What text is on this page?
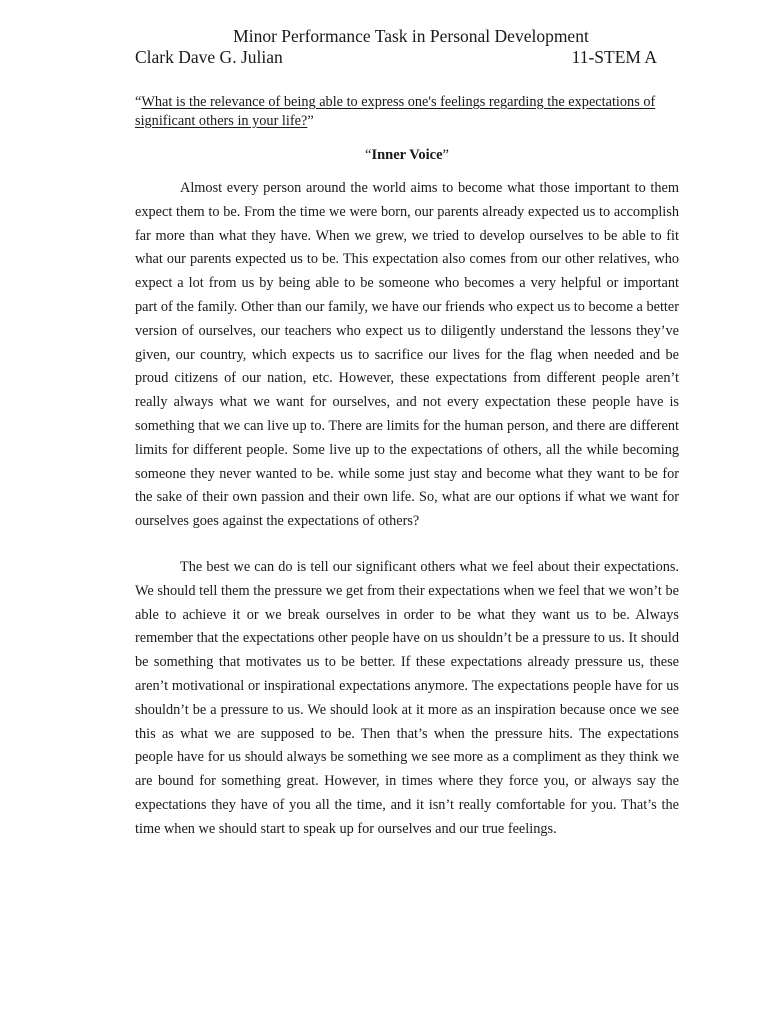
Minor Performance Task in Personal Development
Clark Dave G. Julian	11-STEM A
“What is the relevance of being able to express one's feelings regarding the expectations of significant others in your life?”
“Inner Voice”

Almost every person around the world aims to become what those important to them expect them to be. From the time we were born, our parents already expected us to accomplish far more than what they have. When we grew, we tried to develop ourselves to be able to fit what our parents expected us to be. This expectation also comes from our other relatives, who expect a lot from us by being able to be someone who becomes a very helpful or important part of the family. Other than our family, we have our friends who expect us to become a better version of ourselves, our teachers who expect us to diligently understand the lessons they’ve given, our country, which expects us to sacrifice our lives for the flag when needed and be proud citizens of our nation, etc. However, these expectations from different people aren’t really always what we want for ourselves, and not every expectation these people have is something that we can live up to. There are limits for the human person, and there are different limits for different people. Some live up to the expectations of others, all the while becoming someone they never wanted to be. while some just stay and become what they want to be for the sake of their own passion and their own life. So, what are our options if what we want for ourselves goes against the expectations of others?

The best we can do is tell our significant others what we feel about their expectations. We should tell them the pressure we get from their expectations when we feel that we won’t be able to achieve it or we break ourselves in order to be what they want us to be. Always remember that the expectations other people have on us shouldn’t be a pressure to us. It should be something that motivates us to be better. If these expectations already pressure us, these aren’t motivational or inspirational expectations anymore. The expectations people have for us shouldn’t be a pressure to us. We should look at it more as an inspiration because once we see this as what we are supposed to be. Then that’s when the pressure hits. The expectations people have for us should always be something we see more as a compliment as they think we are bound for something great. However, in times where they force you, or always say the expectations they have of you all the time, and it isn’t really comfortable for you. That’s the time when we should start to speak up for ourselves and our true feelings.
